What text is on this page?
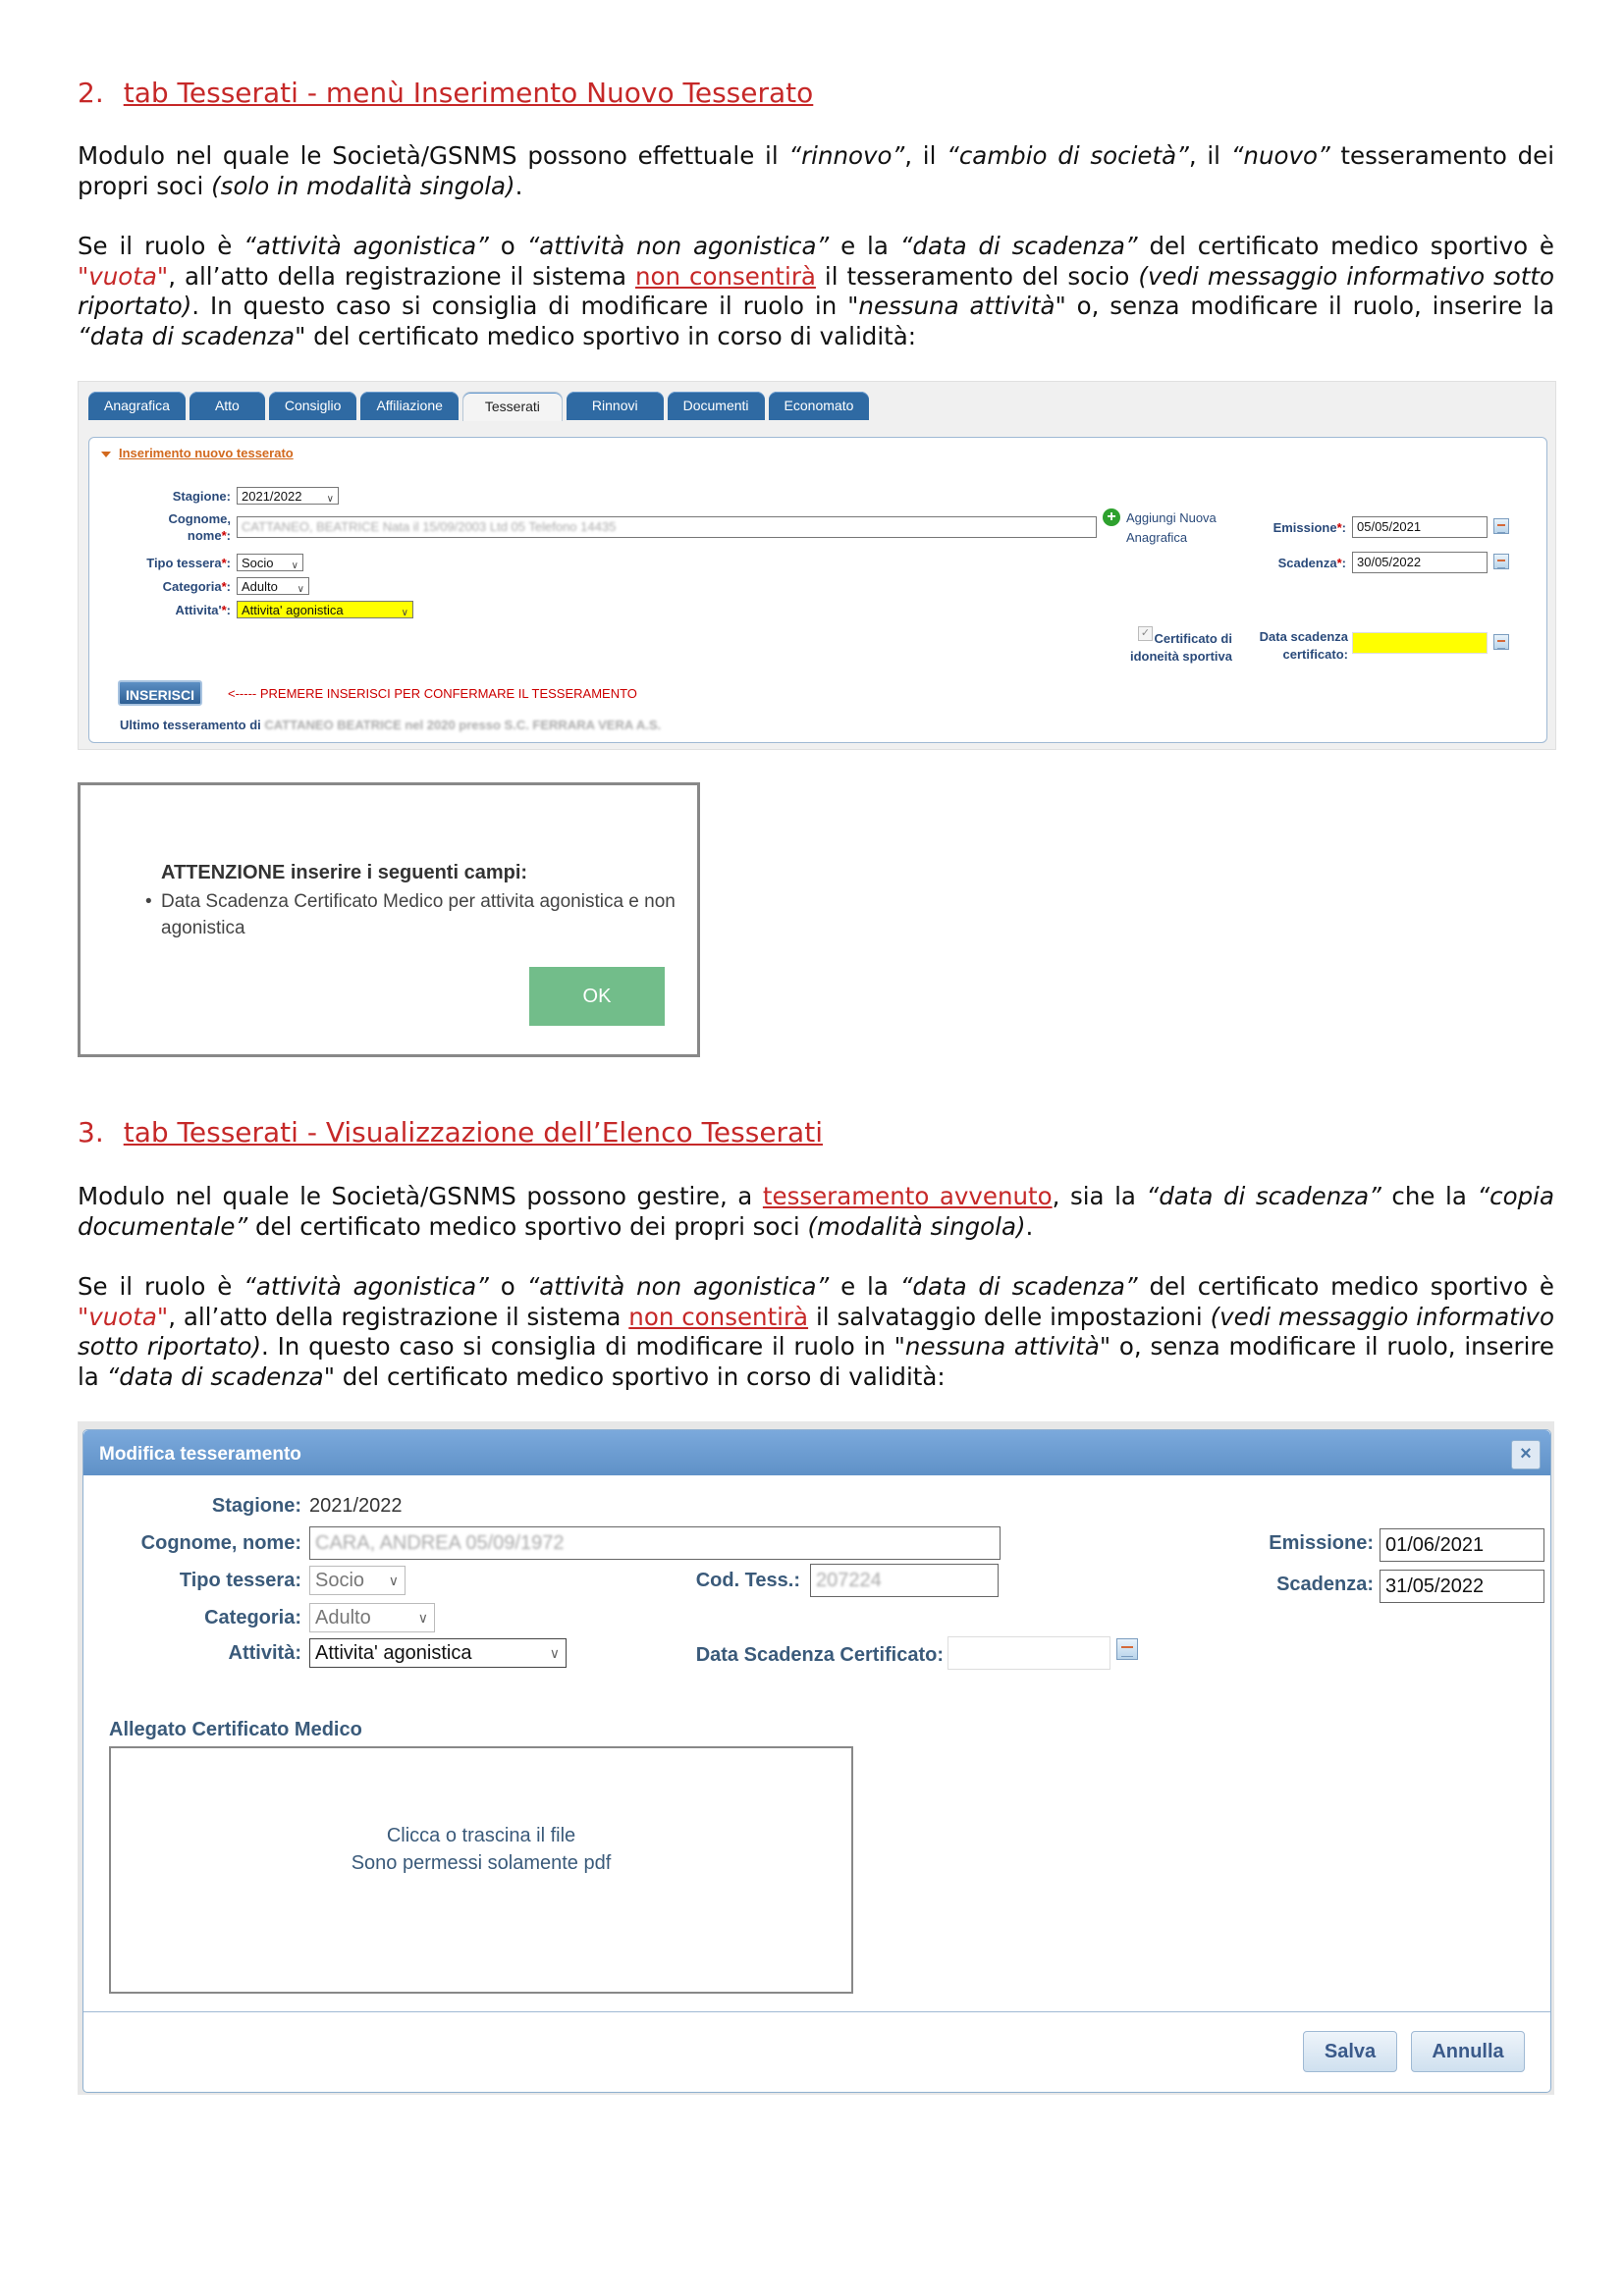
2. tab Tesserati - menù Inserimento Nuovo Tesserato

Modulo nel quale le Società/GSNMS possono effettuale il “rinnovo”, il “cambio di società”, il “nuovo” tesseramento dei propri soci (solo in modalità singola).

Se il ruolo è “attività agonistica” o “attività non agonistica” e la “data di scadenza” del certificato medico sportivo è "vuota", all’atto della registrazione il sistema non consentirà il tesseramento del socio (vedi messaggio informativo sotto riportato). In questo caso si consiglia di modificare il ruolo in "nessuna attività" o, senza modificare il ruolo, inserire la “data di scadenza" del certificato medico sportivo in corso di validità:

Anagrafica	Atto	Consiglio	Affiliazione	Tesserati	Rinnovi	Documenti	Economato
Inserimento nuovo tesserato
Stagione: 2021/2022	∨
Cognome, nome*:
CATTANEO, BEATRICE Nata il 15/09/2003 Ltd 05 Telefono 14435
+ Aggiungi Nuova Anagrafica
Emissione*: 05/05/2021
Scadenza*: 30/05/2022
Tipo tessera*: Socio ∨
Categoria*: Adulto ∨
Attivita'*: Attivita' agonistica	∨
✓ Certificato di idoneità sportiva
Data scadenza certificato:
INSERISCI	<----- PREMERE INSERISCI PER CONFERMARE IL TESSERAMENTO
Ultimo tesseramento di CATTANEO BEATRICE nel 2020 presso S.C. FERRARA VERA A.S.
ATTENZIONE inserire i seguenti campi:
• Data Scadenza Certificato Medico per attivita agonistica e non agonistica
OK
3. tab Tesserati - Visualizzazione dell’Elenco Tesserati

Modulo nel quale le Società/GSNMS possono gestire, a tesseramento avvenuto, sia la “data di scadenza” che la “copia documentale” del certificato medico sportivo dei propri soci (modalità singola).

Se il ruolo è “attività agonistica” o “attività non agonistica” e la “data di scadenza” del certificato medico sportivo è "vuota", all’atto della registrazione il sistema non consentirà il salvataggio delle impostazioni (vedi messaggio informativo sotto riportato). In questo caso si consiglia di modificare il ruolo in "nessuna attività" o, senza modificare il ruolo, inserire la “data di scadenza" del certificato medico sportivo in corso di validità:

Modifica tesseramento	×
Stagione: 2021/2022
Cognome, nome: CARA, ANDREA 05/09/1972
Tipo tessera: Socio ∨	Cod. Tess.: 207224
Categoria: Adulto	∨
Attività: Attivita' agonistica	∨	Data Scadenza Certificato:
Emissione: 01/06/2021
Scadenza: 31/05/2022
Allegato Certificato Medico
Clicca o trascina il file
Sono permessi solamente pdf
Salva	Annulla
